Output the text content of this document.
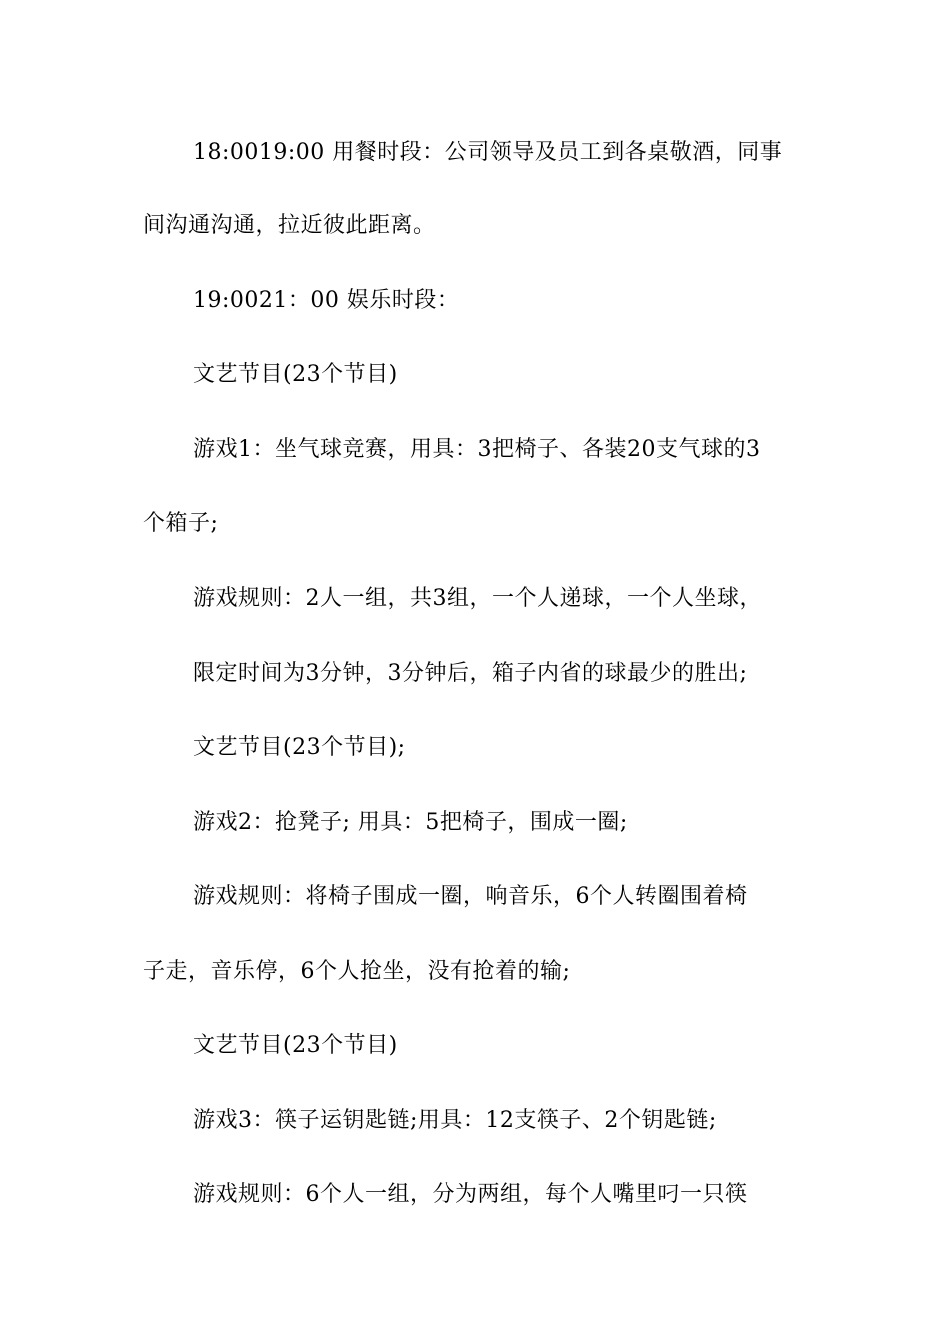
18:0019:00 用餐时段：公司领导及员工到各桌敬酒，同事
间沟通沟通，拉近彼此距离。
19:0021：00 娱乐时段：
文艺节目(23个节目)
游戏1：坐气球竞赛，用具：3把椅子、各装20支气球的3
个箱子;
游戏规则：2人一组，共3组，一个人递球，一个人坐球，
限定时间为3分钟，3分钟后，箱子内省的球最少的胜出;
文艺节目(23个节目);
游戏2：抢凳子; 用具：5把椅子，围成一圈;
游戏规则：将椅子围成一圈，响音乐，6个人转圈围着椅
子走，音乐停，6个人抢坐，没有抢着的输;
文艺节目(23个节目)
游戏3：筷子运钥匙链;用具：12支筷子、2个钥匙链;
游戏规则：6个人一组，分为两组，每个人嘴里叼一只筷
